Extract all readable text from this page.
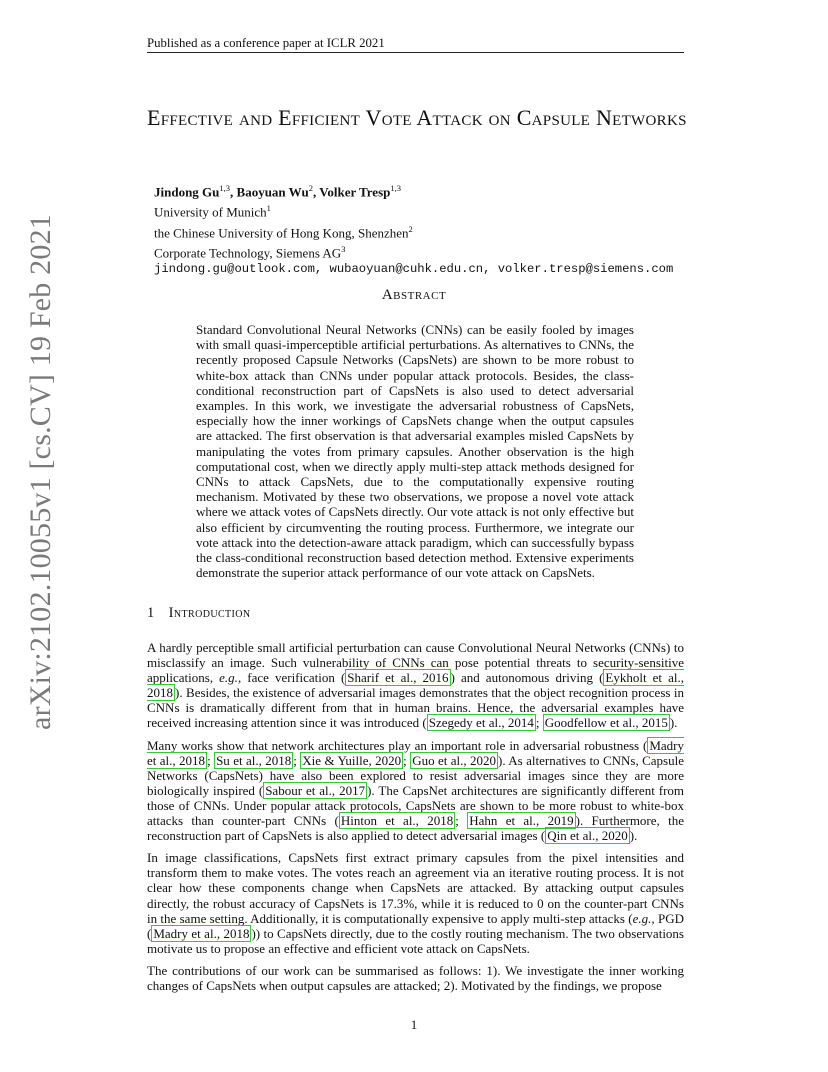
Published as a conference paper at ICLR 2021
arXiv:2102.10055v1 [cs.CV] 19 Feb 2021
Effective and Efficient Vote Attack on Capsule Networks
Jindong Gu$^{1,3}$, Baoyuan Wu$^2$, Volker Tresp$^{1,3}$
University of Munich$^1$
the Chinese University of Hong Kong, Shenzhen$^2$
Corporate Technology, Siemens $AG^3$
jindong.gu@outlook.com, wubaoyuan@cuhk.edu.cn, volker.tresp@siemens.com
Abstract
Standard Convolutional Neural Networks (CNNs) can be easily fooled by images with small quasi-imperceptible artificial perturbations. As alternatives to CNNs, the recently proposed Capsule Networks (CapsNets) are shown to be more robust to white-box attack than CNNs under popular attack protocols. Besides, the class-conditional reconstruction part of CapsNets is also used to detect adversarial examples. In this work, we investigate the adversarial robustness of CapsNets, especially how the inner workings of CapsNets change when the output capsules are attacked. The first observation is that adversarial examples misled CapsNets by manipulating the votes from primary capsules. Another observation is the high computational cost, when we directly apply multi-step attack methods designed for CNNs to attack CapsNets, due to the computationally expensive routing mechanism. Motivated by these two observations, we propose a novel vote attack where we attack votes of CapsNets directly. Our vote attack is not only effective but also efficient by circumventing the routing process. Furthermore, we integrate our vote attack into the detection-aware attack paradigm, which can successfully bypass the class-conditional reconstruction based detection method. Extensive experiments demonstrate the superior attack performance of our vote attack on CapsNets.
1 Introduction

A hardly perceptible small artificial perturbation can cause Convolutional Neural Networks (CNNs) to misclassify an image. Such vulnerability of CNNs can pose potential threats to security-sensitive applications, e.g., face verification ( Sharif et al., 2016 ) and autonomous driving ( Eykholt et al., 2018 ). Besides, the existence of adversarial images demonstrates that the object recognition process in CNNs is dramatically different from that in human brains. Hence, the adversarial examples have received increasing attention since it was introduced ( Szegedy et al., 2014 ; Goodfellow et al., 2015 ).

Many works show that network architectures play an important role in adversarial robustness ( Madry et al., 2018 ; Su et al., 2018 ; Xie & Yuille, 2020 ; Guo et al., 2020 ). As alternatives to CNNs, Capsule Networks (CapsNets) have also been explored to resist adversarial images since they are more biologically inspired ( Sabour et al., 2017 ). The CapsNet architectures are significantly different from those of CNNs. Under popular attack protocols, CapsNets are shown to be more robust to white-box attacks than counter-part CNNs ( Hinton et al., 2018 ; Hahn et al., 2019 ). Furthermore, the reconstruction part of CapsNets is also applied to detect adversarial images ( Qin et al., 2020 ).

In image classifications, CapsNets first extract primary capsules from the pixel intensities and transform them to make votes. The votes reach an agreement via an iterative routing process. It is not clear how these components change when CapsNets are attacked. By attacking output capsules directly, the robust accuracy of CapsNets is 17.3%, while it is reduced to 0 on the counter-part CNNs in the same setting. Additionally, it is computationally expensive to apply multi-step attacks (e.g., PGD ( Madry et al., 2018 )) to CapsNets directly, due to the costly routing mechanism. The two observations motivate us to propose an effective and efficient vote attack on CapsNets.

The contributions of our work can be summarised as follows: 1). We investigate the inner working changes of CapsNets when output capsules are attacked; 2). Motivated by the findings, we propose

1
